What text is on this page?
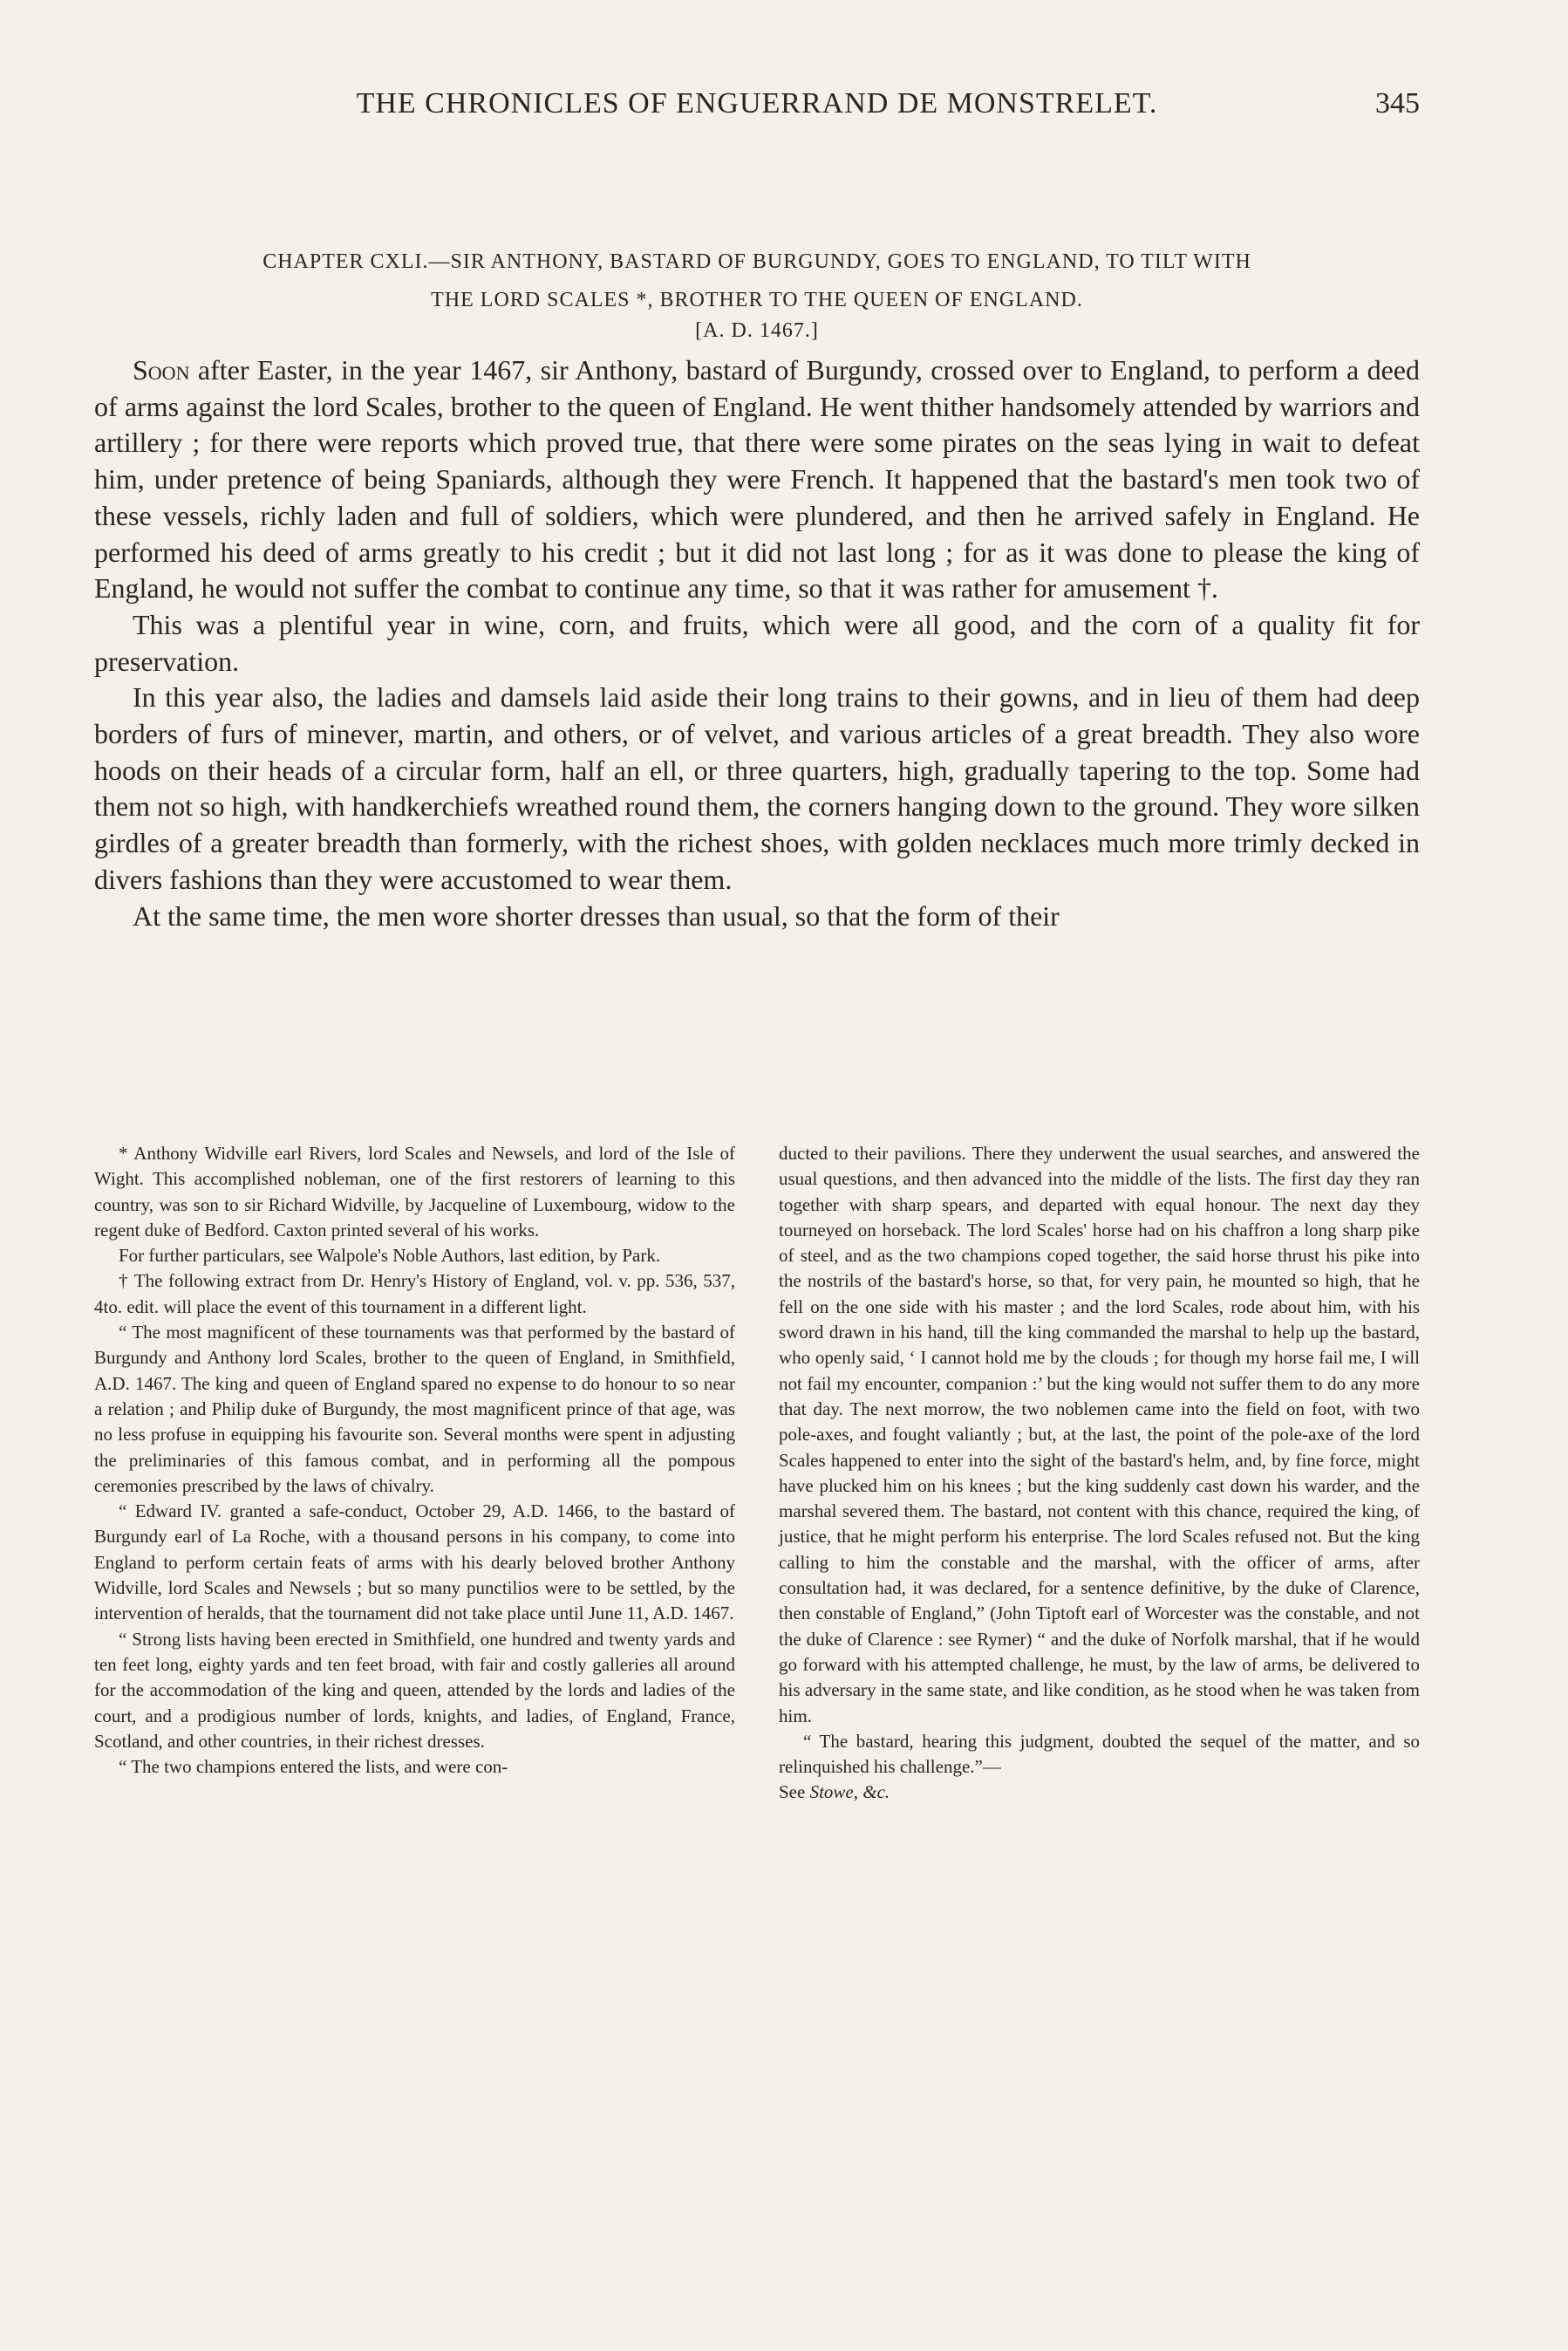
THE CHRONICLES OF ENGUERRAND DE MONSTRELET.	345
CHAPTER CXLI.—SIR ANTHONY, BASTARD OF BURGUNDY, GOES TO ENGLAND, TO TILT WITH
THE LORD SCALES *, BROTHER TO THE QUEEN OF ENGLAND.
[A. D. 1467.]

Soon after Easter, in the year 1467, sir Anthony, bastard of Burgundy, crossed over to England, to perform a deed of arms against the lord Scales, brother to the queen of England. He went thither handsomely attended by warriors and artillery ; for there were reports which proved true, that there were some pirates on the seas lying in wait to defeat him, under pretence of being Spaniards, although they were French. It happened that the bastard's men took two of these vessels, richly laden and full of soldiers, which were plundered, and then he arrived safely in England. He performed his deed of arms greatly to his credit ; but it did not last long ; for as it was done to please the king of England, he would not suffer the combat to continue any time, so that it was rather for amusement †.

This was a plentiful year in wine, corn, and fruits, which were all good, and the corn of a quality fit for preservation.

In this year also, the ladies and damsels laid aside their long trains to their gowns, and in lieu of them had deep borders of furs of minever, martin, and others, or of velvet, and various articles of a great breadth. They also wore hoods on their heads of a circular form, half an ell, or three quarters, high, gradually tapering to the top. Some had them not so high, with handkerchiefs wreathed round them, the corners hanging down to the ground. They wore silken girdles of a greater breadth than formerly, with the richest shoes, with golden necklaces much more trimly decked in divers fashions than they were accustomed to wear them.

At the same time, the men wore shorter dresses than usual, so that the form of their

* Anthony Widville earl Rivers, lord Scales and Newsels, and lord of the Isle of Wight. This accomplished nobleman, one of the first restorers of learning to this country, was son to sir Richard Widville, by Jacqueline of Luxembourg, widow to the regent duke of Bedford. Caxton printed several of his works.

For further particulars, see Walpole's Noble Authors, last edition, by Park.

† The following extract from Dr. Henry's History of England, vol. v. pp. 536, 537, 4to. edit. will place the event of this tournament in a different light.

“ The most magnificent of these tournaments was that performed by the bastard of Burgundy and Anthony lord Scales, brother to the queen of England, in Smithfield, A.D. 1467. The king and queen of England spared no expense to do honour to so near a relation ; and Philip duke of Burgundy, the most magnificent prince of that age, was no less profuse in equipping his favourite son. Several months were spent in adjusting the preliminaries of this famous combat, and in performing all the pompous ceremonies prescribed by the laws of chivalry.

“ Edward IV. granted a safe-conduct, October 29, A.D. 1466, to the bastard of Burgundy earl of La Roche, with a thousand persons in his company, to come into England to perform certain feats of arms with his dearly beloved brother Anthony Widville, lord Scales and Newsels ; but so many punctilios were to be settled, by the intervention of heralds, that the tournament did not take place until June 11, A.D. 1467.

“ Strong lists having been erected in Smithfield, one hundred and twenty yards and ten feet long, eighty yards and ten feet broad, with fair and costly galleries all around for the accommodation of the king and queen, attended by the lords and ladies of the court, and a prodigious number of lords, knights, and ladies, of England, France, Scotland, and other countries, in their richest dresses.

“ The two champions entered the lists, and were con-

ducted to their pavilions. There they underwent the usual searches, and answered the usual questions, and then advanced into the middle of the lists. The first day they ran together with sharp spears, and departed with equal honour. The next day they tourneyed on horseback. The lord Scales' horse had on his chaffron a long sharp pike of steel, and as the two champions coped together, the said horse thrust his pike into the nostrils of the bastard's horse, so that, for very pain, he mounted so high, that he fell on the one side with his master ; and the lord Scales, rode about him, with his sword drawn in his hand, till the king commanded the marshal to help up the bastard, who openly said, ‘ I cannot hold me by the clouds ; for though my horse fail me, I will not fail my encounter, companion :’ but the king would not suffer them to do any more that day. The next morrow, the two noblemen came into the field on foot, with two pole-axes, and fought valiantly ; but, at the last, the point of the pole-axe of the lord Scales happened to enter into the sight of the bastard's helm, and, by fine force, might have plucked him on his knees ; but the king suddenly cast down his warder, and the marshal severed them. The bastard, not content with this chance, required the king, of justice, that he might perform his enterprise. The lord Scales refused not. But the king calling to him the constable and the marshal, with the officer of arms, after consultation had, it was declared, for a sentence definitive, by the duke of Clarence, then constable of England,” (John Tiptoft earl of Worcester was the constable, and not the duke of Clarence : see Rymer) “ and the duke of Norfolk marshal, that if he would go forward with his attempted challenge, he must, by the law of arms, be delivered to his adversary in the same state, and like condition, as he stood when he was taken from him.

“ The bastard, hearing this judgment, doubted the sequel of the matter, and so relinquished his challenge.”—
See Stowe, &c.
